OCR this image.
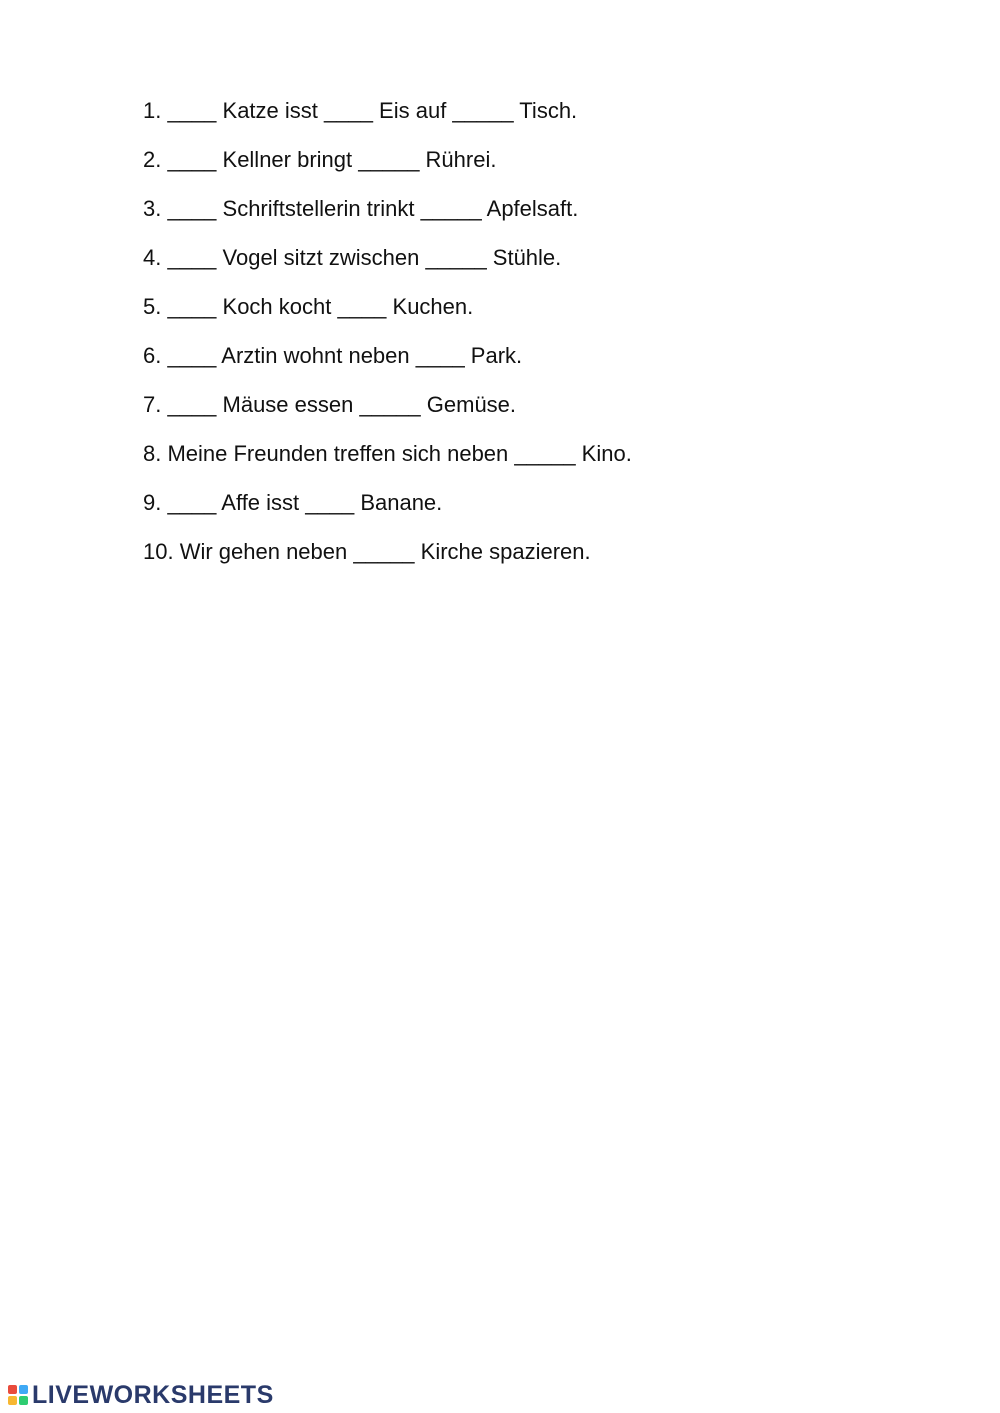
1. ____ Katze isst ____ Eis auf _____ Tisch.
2. ____ Kellner bringt _____ Rührei.
3. ____ Schriftstellerin trinkt _____ Apfelsaft.
4. ____ Vogel sitzt zwischen _____ Stühle.
5. ____ Koch kocht ____ Kuchen.
6. ____ Arztin wohnt neben ____ Park.
7. ____ Mäuse essen _____ Gemüse.
8. Meine Freunden treffen sich neben _____ Kino.
9. ____ Affe isst ____ Banane.
10. Wir gehen neben _____ Kirche spazieren.
LIVEWORKSHEETS
